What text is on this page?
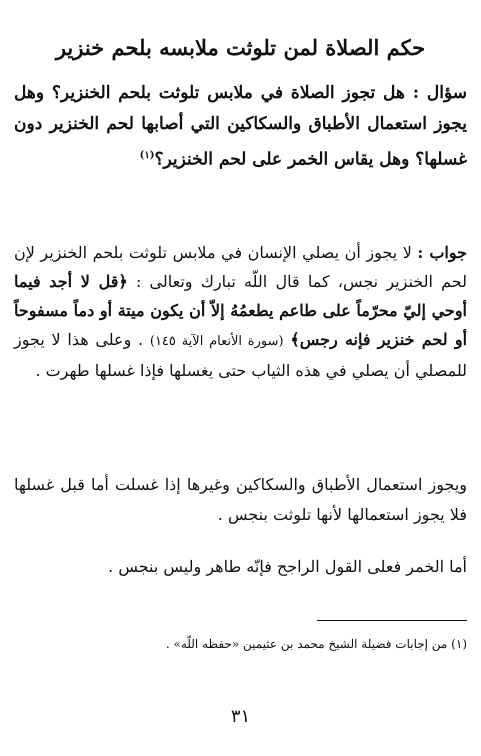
حكم الصلاة لمن تلوثت ملابسه بلحم خنزير
سؤال : هل تجوز الصلاة في ملابس تلوثت بلحم الخنزير؟ وهل يجوز استعمال الأطباق والسكاكين التي أصابها لحم الخنزير دون غسلها؟ وهل يقاس الخمر على لحم الخنزير؟$^{(١)}$
جواب : لا يجوز أن يصلي الإنسان في ملابس تلوثت بلحم الخنزير لإن لحم الخنزير نجس، كما قال اللّه تبارك وتعالى : ﴿قل لا أجد فيما أوحي إليّ محرّماً على طاعم يطعمُهُ إلاّ أن يكون ميتة أو دماً مسفوحاً أو لحم خنزير فإنه رجس﴾ (سورة الأنعام الآية ١٤٥) . وعلى هذا لا يجوز للمصلي أن يصلي في هذه الثياب حتى يغسلها فإذا غسلها طهرت .
ويجوز استعمال الأطباق والسكاكين وغيرها إذا غسلت أما قبل غسلها فلا يجوز استعمالها لأنها تلوثت بنجس .
أما الخمر فعلى القول الراجح فإنّه طاهر وليس بنجس .
(١) من إجابات فضيلة الشيخ محمد بن عثيمين «حفظه اللّه» .
٣١
